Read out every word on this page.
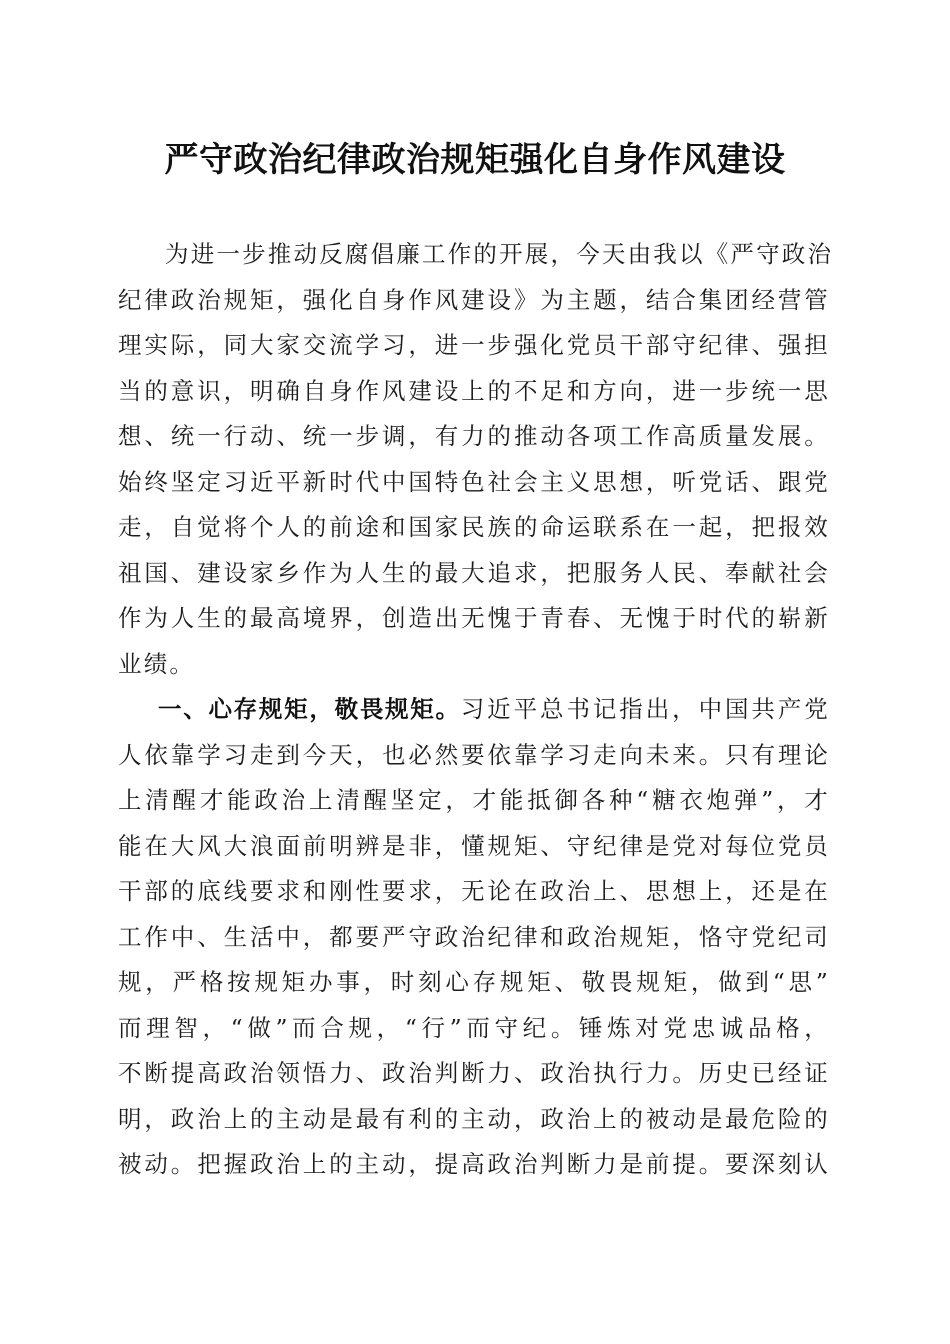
严守政治纪律政治规矩强化自身作风建设
为进一步推动反腐倡廉工作的开展，今天由我以《严守政治
纪律政治规矩，强化自身作风建设》为主题，结合集团经营管
理实际，同大家交流学习，进一步强化党员干部守纪律、强担
当的意识，明确自身作风建设上的不足和方向，进一步统一思
想、统一行动、统一步调，有力的推动各项工作高质量发展。
始终坚定习近平新时代中国特色社会主义思想，听党话、跟党
走，自觉将个人的前途和国家民族的命运联系在一起，把报效
祖国、建设家乡作为人生的最大追求，把服务人民、奉献社会
作为人生的最高境界，创造出无愧于青春、无愧于时代的崭新
业绩。
一、心存规矩，敬畏规矩。习近平总书记指出，中国共产党
人依靠学习走到今天，也必然要依靠学习走向未来。只有理论
上清醒才能政治上清醒坚定，才能抵御各种“糖衣炮弹”，才
能在大风大浪面前明辨是非，懂规矩、守纪律是党对每位党员
干部的底线要求和刚性要求，无论在政治上、思想上，还是在
工作中、生活中，都要严守政治纪律和政治规矩，恪守党纪司
规，严格按规矩办事，时刻心存规矩、敬畏规矩，做到“思”
而理智，“做”而合规，“行”而守纪。锤炼对党忠诚品格，
不断提高政治领悟力、政治判断力、政治执行力。历史已经证
明，政治上的主动是最有利的主动，政治上的被动是最危险的
被动。把握政治上的主动，提高政治判断力是前提。要深刻认
